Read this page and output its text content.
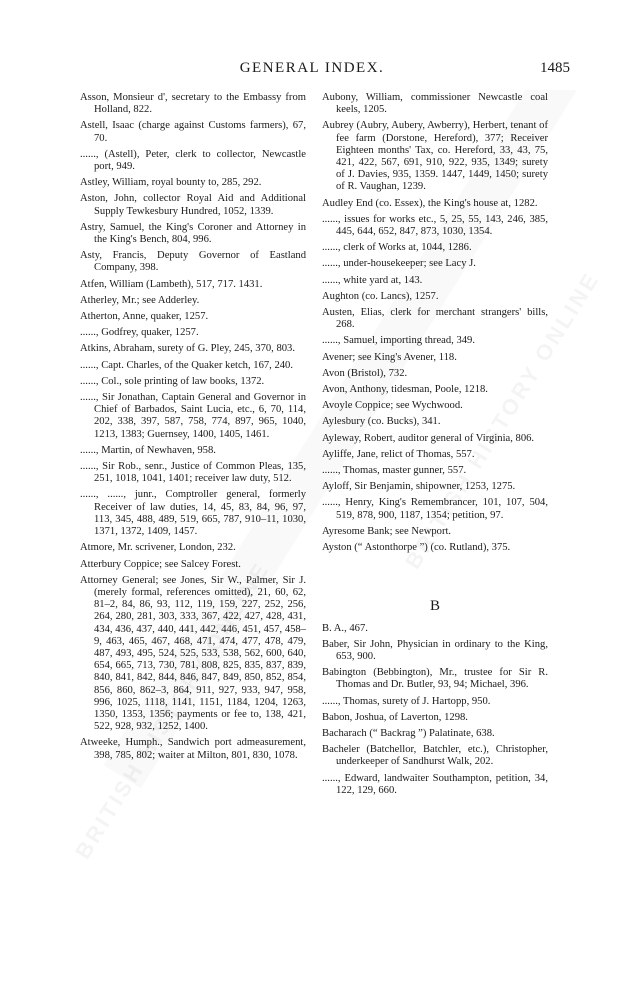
GENERAL INDEX.	1485

Asson, Monsieur d', secretary to the Embassy from Holland, 822.

Astell, Isaac (charge against Customs farmers), 67, 70.

......, (Astell), Peter, clerk to collector, Newcastle port, 949.

Astley, William, royal bounty to, 285, 292.

Aston, John, collector Royal Aid and Additional Supply Tewkesbury Hundred, 1052, 1339.

Astry, Samuel, the King's Coroner and Attorney in the King's Bench, 804, 996.

Asty, Francis, Deputy Governor of Eastland Company, 398.

Atfen, William (Lambeth), 517, 717. 1431.

Atherley, Mr.; see Adderley.

Atherton, Anne, quaker, 1257.

......, Godfrey, quaker, 1257.

Atkins, Abraham, surety of G. Pley, 245, 370, 803.

......, Capt. Charles, of the Quaker ketch, 167, 240.

......, Col., sole printing of law books, 1372.

......, Sir Jonathan, Captain General and Governor in Chief of Barbados, Saint Lucia, etc., 6, 70, 114, 202, 338, 397, 587, 758, 774, 897, 965, 1040, 1213, 1383; Guernsey, 1400, 1405, 1461.

......, Martin, of Newhaven, 958.

......, Sir Rob., senr., Justice of Common Pleas, 135, 251, 1018, 1041, 1401; receiver law duty, 512.

......, ......, junr., Comptroller general, formerly Receiver of law duties, 14, 45, 83, 84, 96, 97, 113, 345, 488, 489, 519, 665, 787, 910–11, 1030, 1371, 1372, 1409, 1457.

Atmore, Mr. scrivener, London, 232.

Atterbury Coppice; see Salcey Forest.

Attorney General; see Jones, Sir W., Palmer, Sir J. (merely formal, references omitted), 21, 60, 62, 81–2, 84, 86, 93, 112, 119, 159, 227, 252, 256, 264, 280, 281, 303, 333, 367, 422, 427, 428, 431, 434, 436, 437, 440, 441, 442, 446, 451, 457, 458–9, 463, 465, 467, 468, 471, 474, 477, 478, 479, 487, 493, 495, 524, 525, 533, 538, 562, 600, 640, 654, 665, 713, 730, 781, 808, 825, 835, 837, 839, 840, 841, 842, 844, 846, 847, 849, 850, 852, 854, 856, 860, 862–3, 864, 911, 927, 933, 947, 958, 996, 1025, 1118, 1141, 1151, 1184, 1204, 1263, 1350, 1353, 1356; payments or fee to, 138, 421, 522, 928, 932, 1252, 1400.

Atweeke, Humph., Sandwich port admeasurement, 398, 785, 802; waiter at Milton, 801, 830, 1078.

Aubony, William, commissioner Newcastle coal keels, 1205.

Aubrey (Aubry, Aubery, Awberry), Herbert, tenant of fee farm (Dorstone, Hereford), 377; Receiver Eighteen months' Tax, co. Hereford, 33, 43, 75, 421, 422, 567, 691, 910, 922, 935, 1349; surety of J. Davies, 935, 1359. 1447, 1449, 1450; surety of R. Vaughan, 1239.

Audley End (co. Essex), the King's house at, 1282.

......, issues for works etc., 5, 25, 55, 143, 246, 385, 445, 644, 652, 847, 873, 1030, 1354.

......, clerk of Works at, 1044, 1286.

......, under-housekeeper; see Lacy J.

......, white yard at, 143.

Aughton (co. Lancs), 1257.

Austen, Elias, clerk for merchant strangers' bills, 268.

......, Samuel, importing thread, 349.

Avener; see King's Avener, 118.

Avon (Bristol), 732.

Avon, Anthony, tidesman, Poole, 1218.

Avoyle Coppice; see Wychwood.

Aylesbury (co. Bucks), 341.

Ayleway, Robert, auditor general of Virginia, 806.

Ayliffe, Jane, relict of Thomas, 557.

......, Thomas, master gunner, 557.

Ayloff, Sir Benjamin, shipowner, 1253, 1275.

......, Henry, King's Remembrancer, 101, 107, 504, 519, 878, 900, 1187, 1354; petition, 97.

Ayresome Bank; see Newport.

Ayston (“ Astonthorpe ”) (co. Rutland), 375.

B

B. A., 467.

Baber, Sir John, Physician in ordinary to the King, 653, 900.

Babington (Bebbington), Mr., trustee for Sir R. Thomas and Dr. Butler, 93, 94; Michael, 396.

......, Thomas, surety of J. Hartopp, 950.

Babon, Joshua, of Laverton, 1298.

Bacharach (“ Backrag ”) Palatinate, 638.

Bacheler (Batchellor, Batchler, etc.), Christopher, underkeeper of Sandhurst Walk, 202.

......, Edward, landwaiter Southampton, petition, 34, 122, 129, 660.
